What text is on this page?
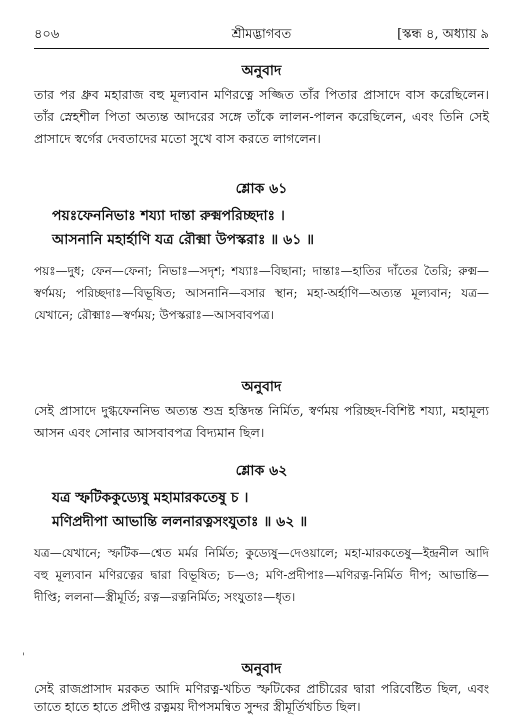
৪০৬	শ্রীমদ্ভাগবত	[স্কন্ধ ৪, অধ্যায় ৯
অনুবাদ
তার পর ধ্রুব মহারাজ বহু মূল্যবান মণিরত্নে সজ্জিত তাঁর পিতার প্রাসাদে বাস করেছিলেন। তাঁর স্নেহশীল পিতা অত্যন্ত আদরের সঙ্গে তাঁকে লালন-পালন করেছিলেন, এবং তিনি সেই প্রাসাদে স্বর্গের দেবতাদের মতো সুখে বাস করতে লাগলেন।
শ্লোক ৬১
পয়ঃফেননিভাঃ শয্যা দান্তা রুক্মপরিচ্ছদাঃ ।
আসনানি মহার্হাণি যত্র রৌক্মা উপস্করাঃ ॥ ৬১ ॥
পয়ঃ—দুধ; ফেন—ফেনা; নিভাঃ—সদৃশ; শয্যাঃ—বিছানা; দান্তাঃ—হাতির দাঁতের তৈরি; রুক্ম—স্বর্ণময়; পরিচ্ছদাঃ—বিভূষিত; আসনানি—বসার স্থান; মহা-অর্হাণি—অত্যন্ত মূল্যবান; যত্র—যেখানে; রৌক্মাঃ—স্বর্ণময়; উপস্করাঃ—আসবাবপত্র।
অনুবাদ
সেই প্রাসাদে দুগ্ধফেননিভ অত্যন্ত শুভ্র হস্তিদন্ত নির্মিত, স্বর্ণময় পরিচ্ছদ-বিশিষ্ট শয্যা, মহামূল্য আসন এবং সোনার আসবাবপত্র বিদ্যমান ছিল।
শ্লোক ৬২
যত্র স্ফটিককুড্যেষু মহামারকতেষু চ ।
মণিপ্রদীপা আভান্তি ললনারত্নসংযুতাঃ ॥ ৬২ ॥
যত্র—যেখানে; স্ফটিক—শ্বেত মর্মর নির্মিত; কুড্যেষু—দেওয়ালে; মহা-মারকতেষু—ইন্দ্রনীল আদি বহু মূল্যবান মণিরত্নের দ্বারা বিভূষিত; চ—ও; মণি-প্রদীপাঃ—মণিরত্ন-নির্মিত দীপ; আভান্তি—দীপ্তি; ললনা—স্ত্রীমূর্তি; রত্ন—রত্ননির্মিত; সংযুতাঃ—ধৃত।
'
অনুবাদ
সেই রাজপ্রাসাদ মরকত আদি মণিরত্ন-খচিত স্ফটিকের প্রাচীরের দ্বারা পরিবেষ্টিত ছিল, এবং তাতে হাতে হাতে প্রদীপ্ত রত্নময় দীপসমন্বিত সুন্দর স্ত্রীমূর্তিখচিত ছিল।
